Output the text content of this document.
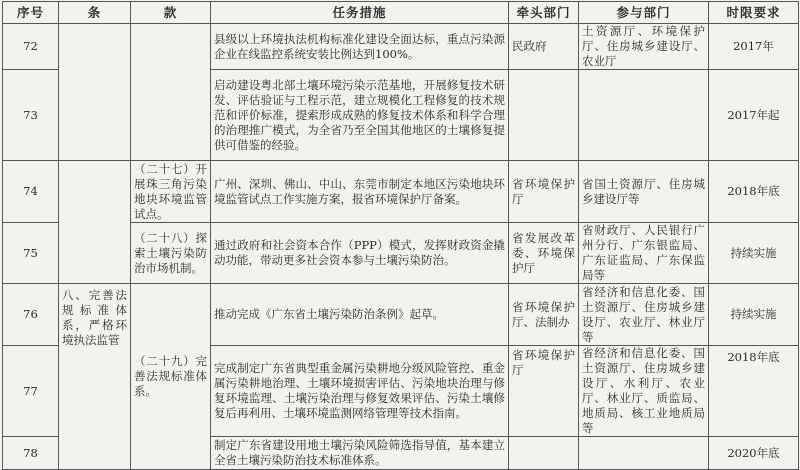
序号	条	款	任务措施	牵头部门	参与部门	时限要求
72			县级以上环境执法机构标准化建设全面达标，重点污染源企业在线监控系统安装比例达到100%。	民政府	土资源厅、环境保护厅、住房城乡建设厅、农业厅	2017年
73			启动建设粤北部土壤环境污染示范基地，开展修复技术研发、评估验证与工程示范，建立规模化工程修复的技术规范和评价标准，提索形成成熟的修复技术体系和科学合理的治理推广模式，为全省乃至全国其他地区的土壤修复提供可借鉴的经验。			2017年起
74		（二十七）开展珠三角污染地块环境监管试点。	广州、深圳、佛山、中山、东莞市制定本地区污染地块环境监管试点工作实施方案，报省环境保护厅备案。	省环境保护厅	省国土资源厅、住房城乡建设厅等	2018年底
75		（二十八）探索土壤污染防治市场机制。	通过政府和社会资本合作（PPP）模式，发挥财政资金撬动功能，带动更多社会资本参与土壤污染防治。	省发展改革委、环境保护厅	省财政厅、人民银行广州分行、广东银监局、广东证监局、广东保监局等	持续实施
76	八、完善法规标准体系，严格环境执法监管	（二十九）完善法规标准体系。	推动完成《广东省土壤污染防治条例》起草。	省环境保护厅、法制办	省经济和信息化委、国土资源厅、住房城乡建设厅、农业厅、林业厅等	持续实施
77			完成制定广东省典型重金属污染耕地分级风险管控、重金属污染耕地治理、土壤环境损害评估、污染地块治理与修复环境监理、土壤污染治理与修复效果评估、污染土壤修复后再利用、土壤环境监测网络管理等技术指南。	省环境保护厅	省经济和信息化委、国土资源厅、住房城乡建设厅、水利厅、农业厅、林业厅、质监局、地质局、核工业地质局等	2018年底
78			制定广东省建设用地土壤污染风险筛选指导值，基本建立全省土壤污染防治技术标准体系。			2020年底
